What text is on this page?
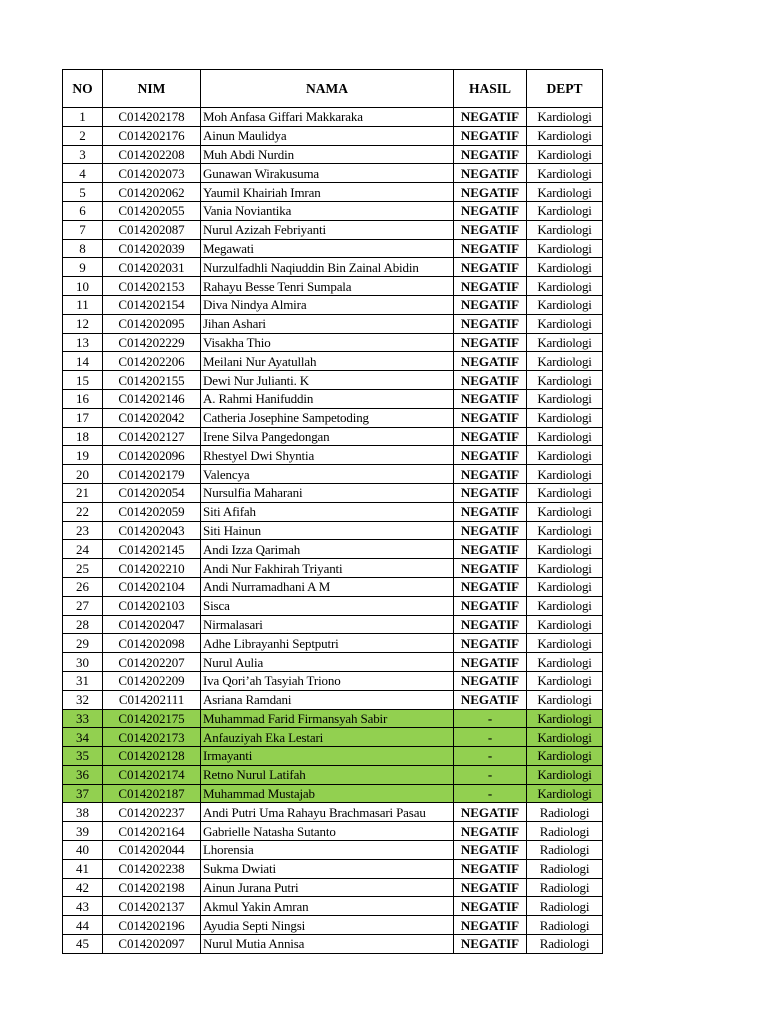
NO	NIM	NAMA	HASIL	DEPT
1	C014202178	Moh Anfasa Giffari Makkaraka	NEGATIF	Kardiologi
2	C014202176	Ainun Maulidya	NEGATIF	Kardiologi
3	C014202208	Muh Abdi Nurdin	NEGATIF	Kardiologi
4	C014202073	Gunawan Wirakusuma	NEGATIF	Kardiologi
5	C014202062	Yaumil Khairiah Imran	NEGATIF	Kardiologi
6	C014202055	Vania Noviantika	NEGATIF	Kardiologi
7	C014202087	Nurul Azizah Febriyanti	NEGATIF	Kardiologi
8	C014202039	Megawati	NEGATIF	Kardiologi
9	C014202031	Nurzulfadhli Naqiuddin Bin Zainal Abidin	NEGATIF	Kardiologi
10	C014202153	Rahayu Besse Tenri Sumpala	NEGATIF	Kardiologi
11	C014202154	Diva Nindya Almira	NEGATIF	Kardiologi
12	C014202095	Jihan Ashari	NEGATIF	Kardiologi
13	C014202229	Visakha Thio	NEGATIF	Kardiologi
14	C014202206	Meilani Nur Ayatullah	NEGATIF	Kardiologi
15	C014202155	Dewi Nur Julianti. K	NEGATIF	Kardiologi
16	C014202146	A. Rahmi Hanifuddin	NEGATIF	Kardiologi
17	C014202042	Catheria Josephine Sampetoding	NEGATIF	Kardiologi
18	C014202127	Irene Silva Pangedongan	NEGATIF	Kardiologi
19	C014202096	Rhestyel Dwi Shyntia	NEGATIF	Kardiologi
20	C014202179	Valencya	NEGATIF	Kardiologi
21	C014202054	Nursulfia Maharani	NEGATIF	Kardiologi
22	C014202059	Siti Afifah	NEGATIF	Kardiologi
23	C014202043	Siti Hainun	NEGATIF	Kardiologi
24	C014202145	Andi Izza Qarimah	NEGATIF	Kardiologi
25	C014202210	Andi Nur Fakhirah Triyanti	NEGATIF	Kardiologi
26	C014202104	Andi Nurramadhani A M	NEGATIF	Kardiologi
27	C014202103	Sisca	NEGATIF	Kardiologi
28	C014202047	Nirmalasari	NEGATIF	Kardiologi
29	C014202098	Adhe Librayanhi Septputri	NEGATIF	Kardiologi
30	C014202207	Nurul Aulia	NEGATIF	Kardiologi
31	C014202209	Iva Qori’ah Tasyiah Triono	NEGATIF	Kardiologi
32	C014202111	Asriana Ramdani	NEGATIF	Kardiologi
33	C014202175	Muhammad Farid Firmansyah Sabir	-	Kardiologi
34	C014202173	Anfauziyah Eka Lestari	-	Kardiologi
35	C014202128	Irmayanti	-	Kardiologi
36	C014202174	Retno Nurul Latifah	-	Kardiologi
37	C014202187	Muhammad Mustajab	-	Kardiologi
38	C014202237	Andi Putri Uma Rahayu Brachmasari Pasau	NEGATIF	Radiologi
39	C014202164	Gabrielle Natasha Sutanto	NEGATIF	Radiologi
40	C014202044	Lhorensia	NEGATIF	Radiologi
41	C014202238	Sukma Dwiati	NEGATIF	Radiologi
42	C014202198	Ainun Jurana Putri	NEGATIF	Radiologi
43	C014202137	Akmul Yakin Amran	NEGATIF	Radiologi
44	C014202196	Ayudia Septi Ningsi	NEGATIF	Radiologi
45	C014202097	Nurul Mutia Annisa	NEGATIF	Radiologi
